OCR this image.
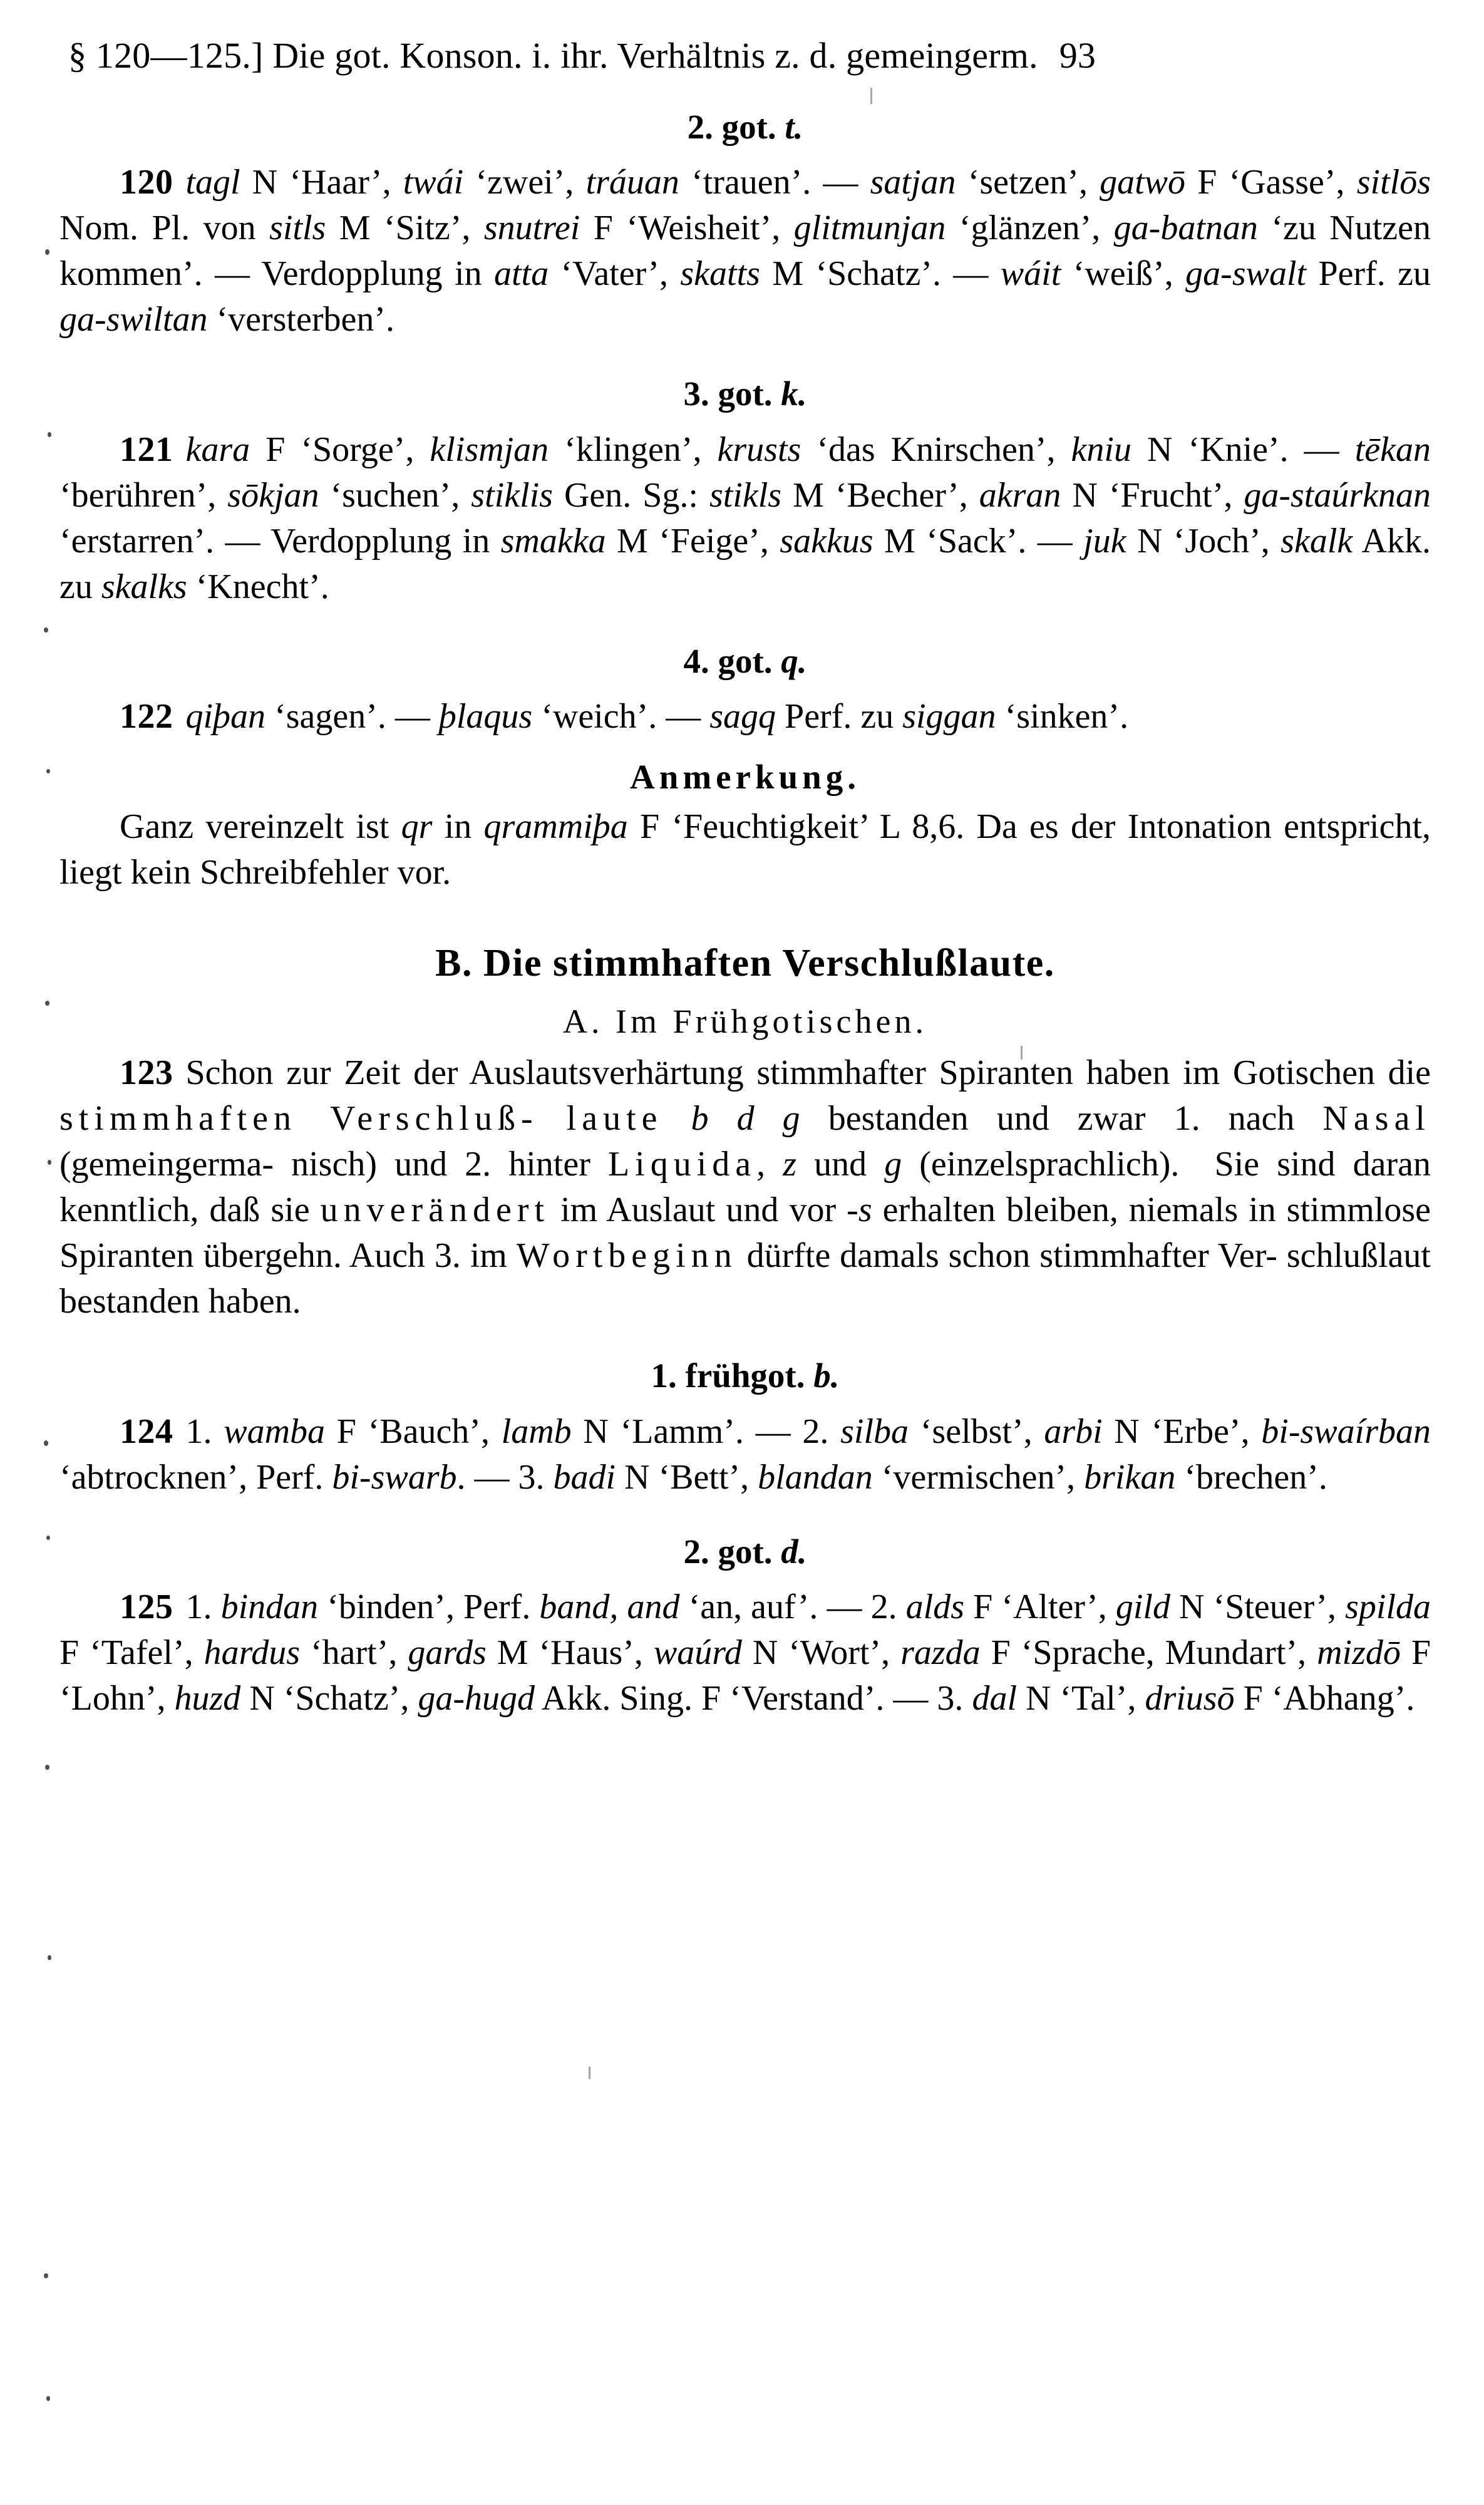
§ 120—125.] Die got. Konson. i. ihr. Verhältnis z. d. gemeingerm. 93
2. got. t.

120 tagl N ‘Haar’, twái ‘zwei’, tráuan ‘trauen’. — satjan ‘setzen’, gatwō F ‘Gasse’, sitlōs Nom. Pl. von sitls M ‘Sitz’, snutrei F ‘Weisheit’, glitmunjan ‘glänzen’, ga-batnan ‘zu Nutzen kommen’. — Verdopplung in atta ‘Vater’, skatts M ‘Schatz’. — wáit ‘weiß’, ga-swalt Perf. zu ga-swiltan ‘versterben’.

3. got. k.

121 kara F ‘Sorge’, klismjan ‘klingen’, krusts ‘das Knirschen’, kniu N ‘Knie’. — tēkan ‘berühren’, sōkjan ‘suchen’, stiklis Gen. Sg.: stikls M ‘Becher’, akran N ‘Frucht’, ga-staúrknan ‘erstarren’. — Verdopplung in smakka M ‘Feige’, sakkus M ‘Sack’. — juk N ‘Joch’, skalk Akk. zu skalks ‘Knecht’.

4. got. q.

122 qiþan ‘sagen’. — þlaqus ‘weich’. — sagq Perf. zu siggan ‘sinken’.

Anmerkung.

Ganz vereinzelt ist qr in qrammiþa F ‘Feuchtigkeit’ L 8,6. Da es der Intonation entspricht, liegt kein Schreibfehler vor.

B. Die stimmhaften Verschlußlaute.
A. Im Frühgotischen.

123 Schon zur Zeit der Auslautsverhärtung stimmhafter Spiranten haben im Gotischen die stimmhaften Verschluß- laute b d g bestanden und zwar 1. nach Nasal (gemeingerma- nisch) und 2. hinter Liquida, z und g (einzelsprachlich).  Sie sind daran kenntlich, daß sie unverändert im Auslaut und vor -s erhalten bleiben, niemals in stimmlose Spiranten übergehn. Auch 3. im Wortbeginn dürfte damals schon stimmhafter Ver- schlußlaut bestanden haben.

1. frühgot. b.

124 1. wamba F ‘Bauch’, lamb N ‘Lamm’. — 2. silba ‘selbst’, arbi N ‘Erbe’, bi-swaírban ‘abtrocknen’, Perf. bi-swarb. — 3. badi N ‘Bett’, blandan ‘vermischen’, brikan ‘brechen’.

2. got. d.

125 1. bindan ‘binden’, Perf. band, and ‘an, auf’. — 2. alds F ‘Alter’, gild N ‘Steuer’, spilda F ‘Tafel’, hardus ‘hart’, gards M ‘Haus’, waúrd N ‘Wort’, razda F ‘Sprache, Mundart’, mizdō F ‘Lohn’, huzd N ‘Schatz’, ga-hugd Akk. Sing. F ‘Verstand’. — 3. dal N ‘Tal’, driusō F ‘Abhang’.
